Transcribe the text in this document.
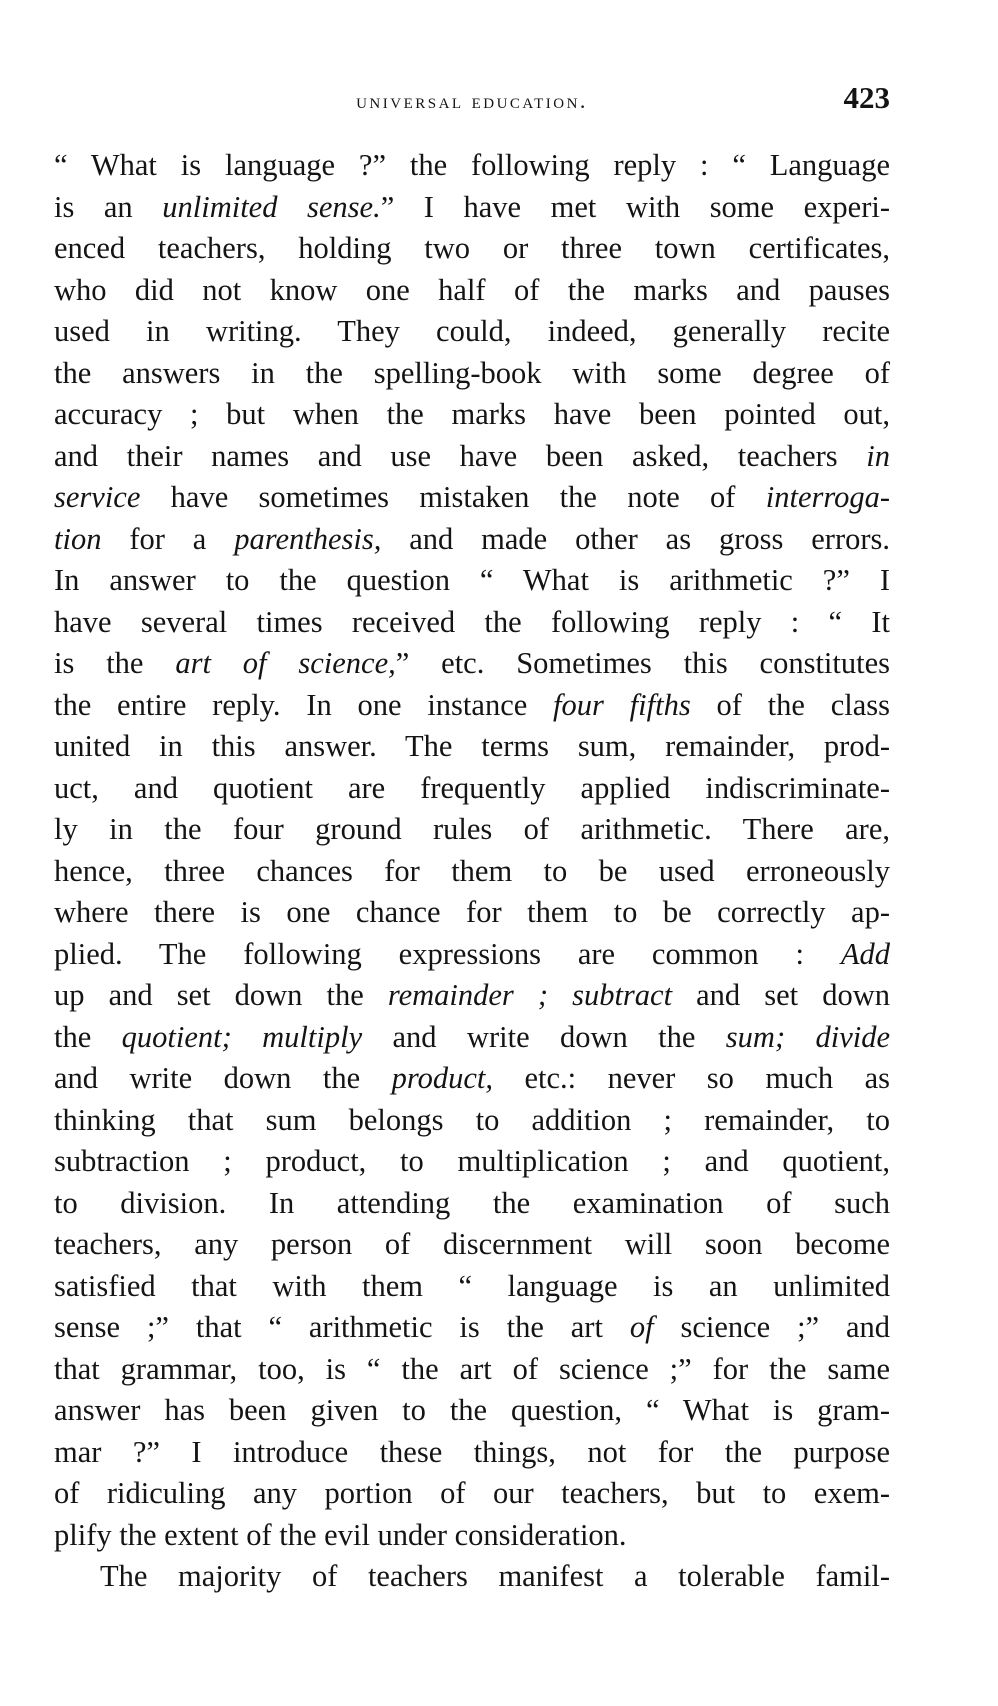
universal education.	423
“ What is language ?” the following reply : “ Language
is an unlimited sense.” I have met with some experi-
enced teachers, holding two or three town certificates,
who did not know one half of the marks and pauses
used in writing. They could, indeed, generally recite
the answers in the spelling-book with some degree of
accuracy ; but when the marks have been pointed out,
and their names and use have been asked, teachers in
service have sometimes mistaken the note of interroga-
tion for a parenthesis, and made other as gross errors.
In answer to the question “ What is arithmetic ?” I
have several times received the following reply : “ It
is the art of science,” etc. Sometimes this constitutes
the entire reply. In one instance four fifths of the class
united in this answer. The terms sum, remainder, prod-
uct, and quotient are frequently applied indiscriminate-
ly in the four ground rules of arithmetic. There are,
hence, three chances for them to be used erroneously
where there is one chance for them to be correctly ap-
plied. The following expressions are common : Add
up and set down the remainder ; subtract and set down
the quotient; multiply and write down the sum; divide
and write down the product, etc.: never so much as
thinking that sum belongs to addition ; remainder, to
subtraction ; product, to multiplication ; and quotient,
to division. In attending the examination of such
teachers, any person of discernment will soon become
satisfied that with them “ language is an unlimited
sense ;” that “ arithmetic is the art of science ;” and
that grammar, too, is “ the art of science ;” for the same
answer has been given to the question, “ What is gram-
mar ?” I introduce these things, not for the purpose
of ridiculing any portion of our teachers, but to exem-
plify the extent of the evil under consideration.
The majority of teachers manifest a tolerable famil-
